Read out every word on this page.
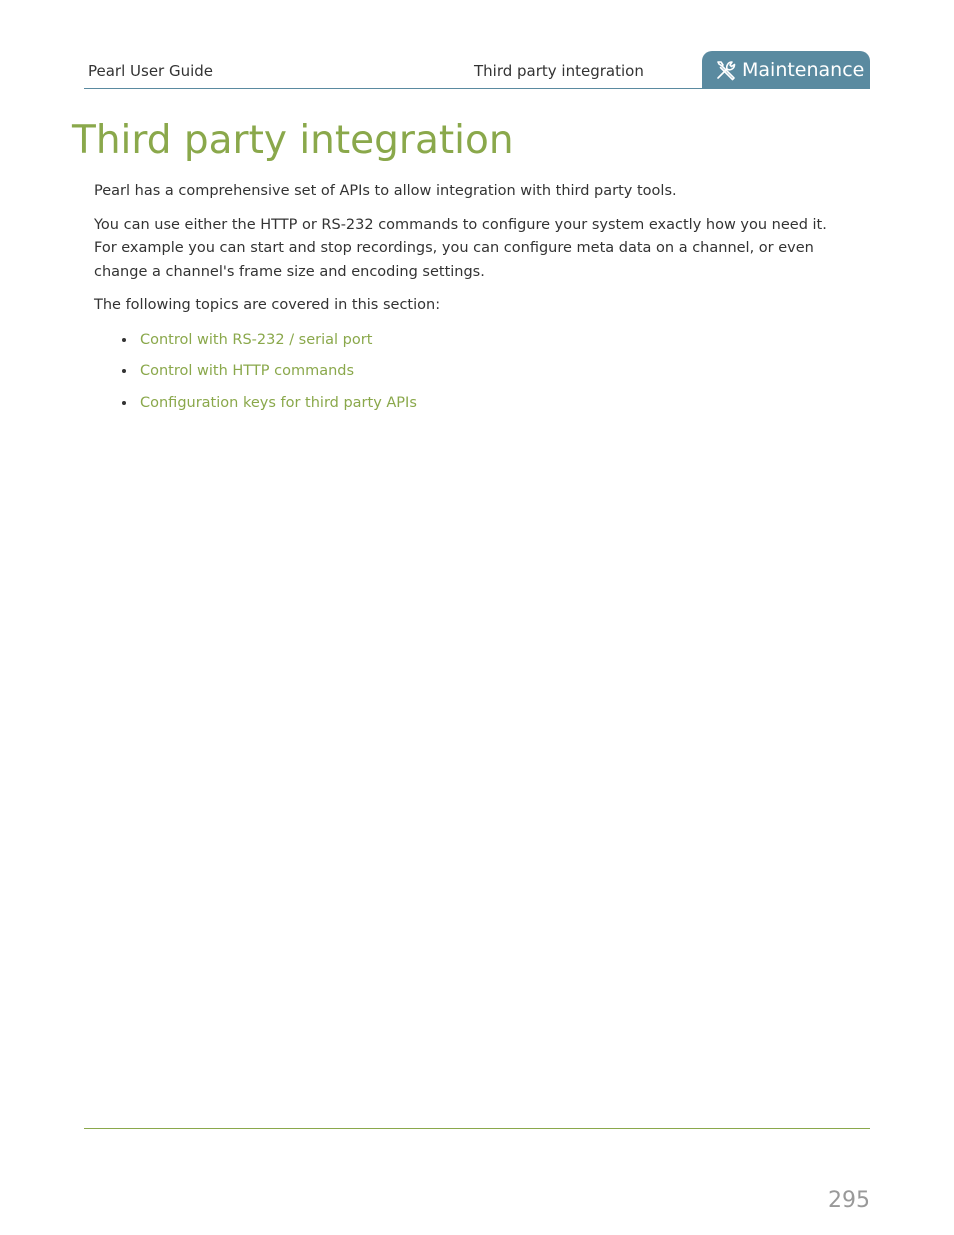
Pearl User Guide	Third party integration	Maintenance
Third party integration

Pearl has a comprehensive set of APIs to allow integration with third party tools.

You can use either the HTTP or RS-232 commands to configure your system exactly how you need it. For example you can start and stop recordings, you can configure meta data on a channel, or even change a channel's frame size and encoding settings.

The following topics are covered in this section:

Control with RS-232 / serial port
Control with HTTP commands
Configuration keys for third party APIs
295
